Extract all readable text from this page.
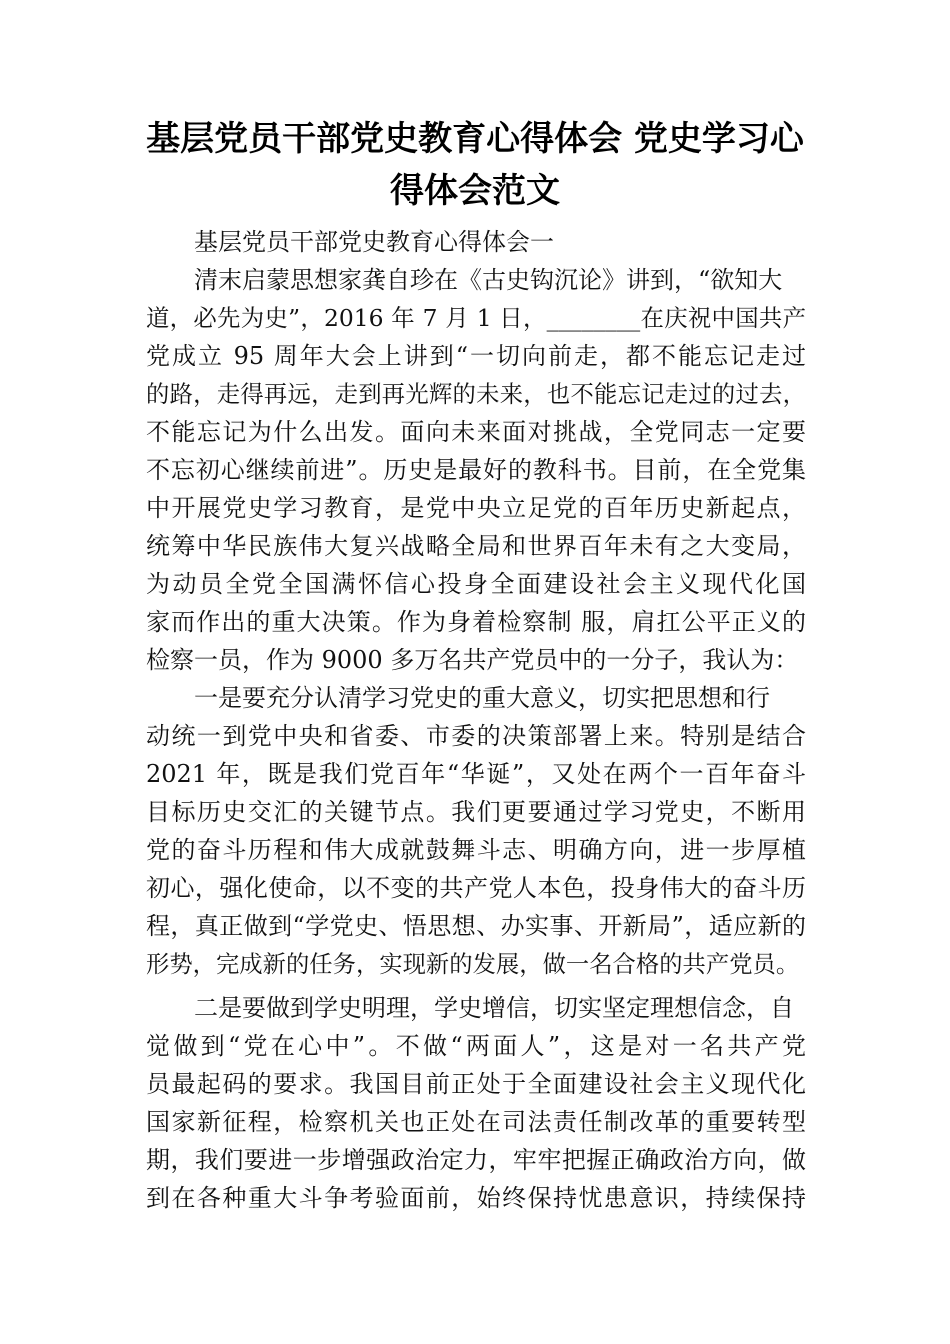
基层党员干部党史教育心得体会 党史学习心
得体会范文
基层党员干部党史教育心得体会一
清末启蒙思想家龚自珍在《古史钩沉论》讲到，“欲知大
道，必先为史”，2016 年 7 月 1 日，________在庆祝中国共产
党成立 95 周年大会上讲到“一切向前走，都不能忘记走过
的路，走得再远，走到再光辉的未来，也不能忘记走过的过去，
不能忘记为什么出发。面向未来面对挑战，全党同志一定要
不忘初心继续前进”。历史是最好的教科书。目前，在全党集
中开展党史学习教育，是党中央立足党的百年历史新起点，
统筹中华民族伟大复兴战略全局和世界百年未有之大变局，
为动员全党全国满怀信心投身全面建设社会主义现代化国
家而作出的重大决策。作为身着检察制 服，肩扛公平正义的
检察一员，作为 9000 多万名共产党员中的一分子，我认为：
一是要充分认清学习党史的重大意义，切实把思想和行
动统一到党中央和省委、市委的决策部署上来。特别是结合
2021 年，既是我们党百年“华诞”，又处在两个一百年奋斗
目标历史交汇的关键节点。我们更要通过学习党史，不断用
党的奋斗历程和伟大成就鼓舞斗志、明确方向，进一步厚植
初心，强化使命，以不变的共产党人本色，投身伟大的奋斗历
程，真正做到“学党史、悟思想、办实事、开新局”，适应新的
形势，完成新的任务，实现新的发展，做一名合格的共产党员。
二是要做到学史明理，学史增信，切实坚定理想信念，自
觉做到“党在心中”。不做“两面人”，这是对一名共产党
员最起码的要求。我国目前正处于全面建设社会主义现代化
国家新征程，检察机关也正处在司法责任制改革的重要转型
期，我们要进一步增强政治定力，牢牢把握正确政治方向，做
到在各种重大斗争考验面前，始终保持忧患意识，持续保持
